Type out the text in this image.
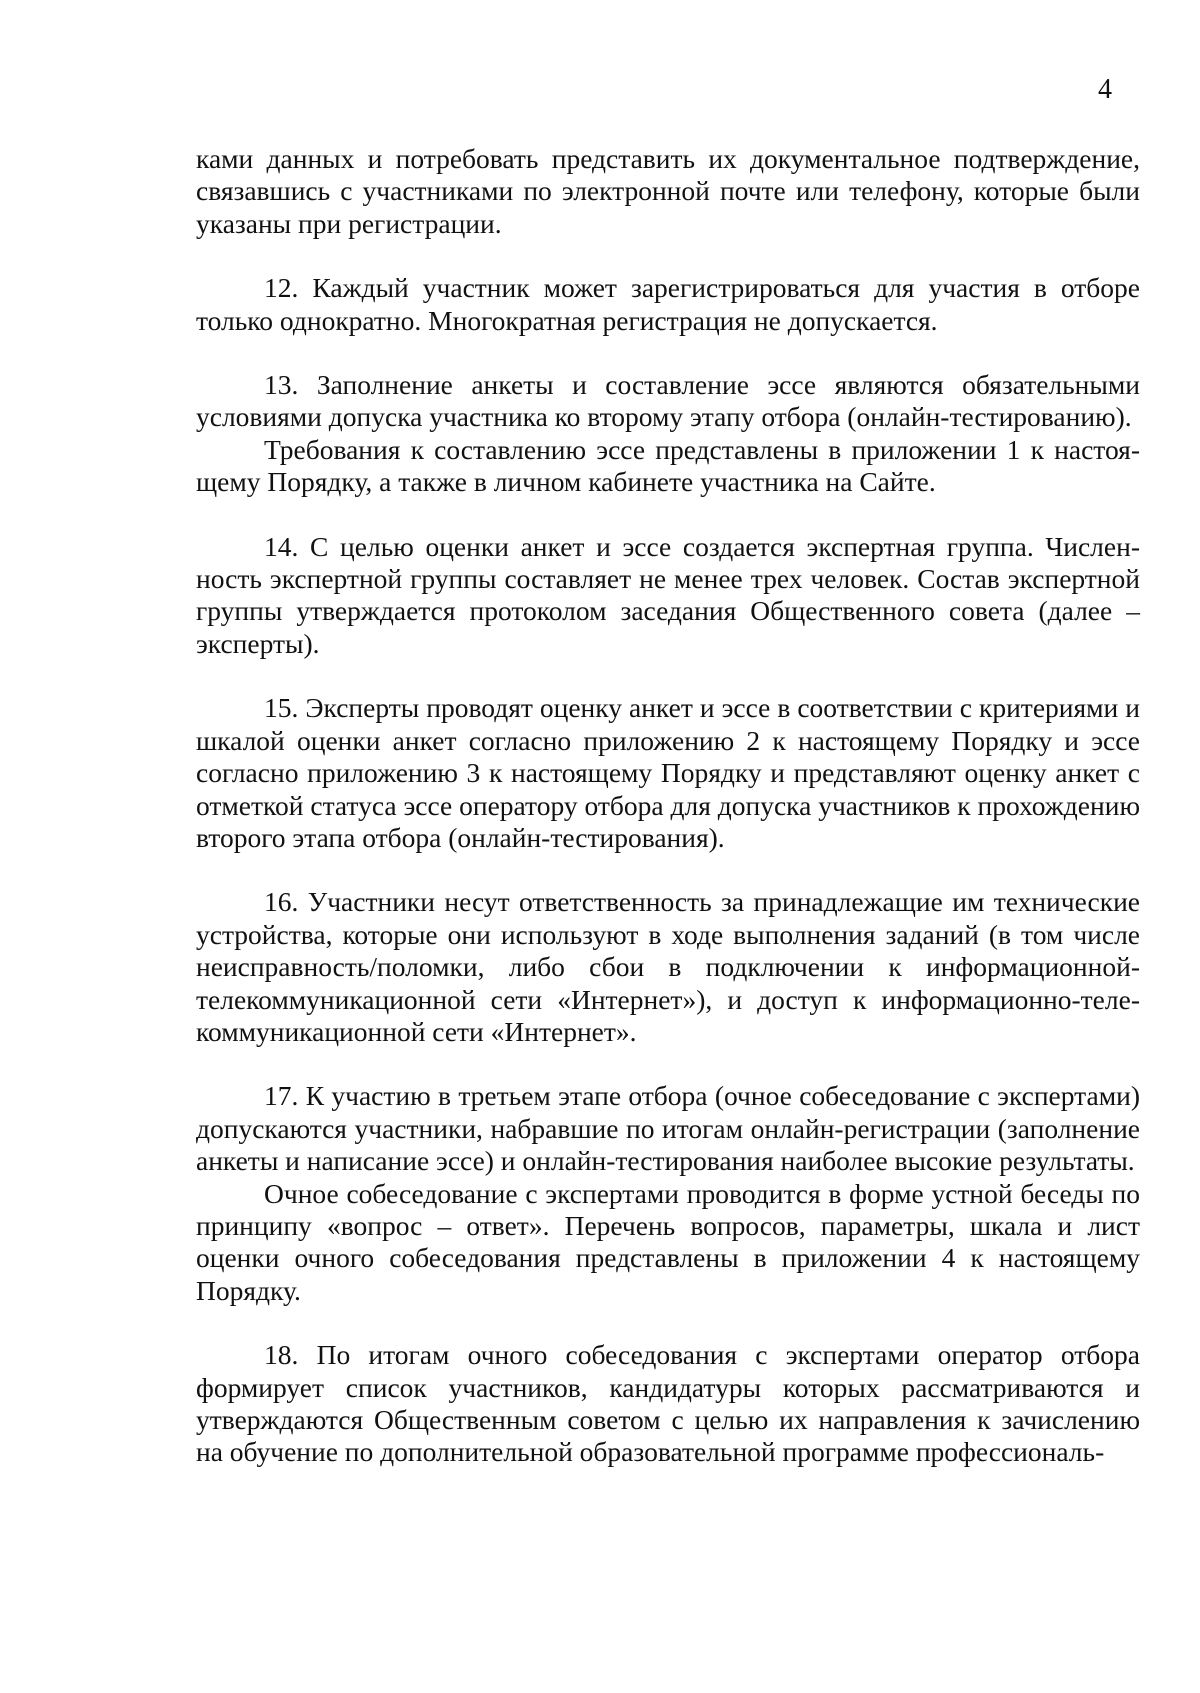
4

ками данных и потребовать представить их документальное подтверждение, связавшись с участниками по электронной почте или телефону, которые были указаны при регистрации.

12. Каждый участник может зарегистрироваться для участия в отборе только однократно. Многократная регистрация не допускается.

13. Заполнение анкеты и составление эссе являются обязательными условиями допуска участника ко второму этапу отбора (онлайн-тестированию).

Требования к составлению эссе представлены в приложении 1 к настоящему Порядку, а также в личном кабинете участника на Сайте.

14. С целью оценки анкет и эссе создается экспертная группа. Численность экспертной группы составляет не менее трех человек. Состав экспертной группы утверждается протоколом заседания Общественного совета (далее – эксперты).

15. Эксперты проводят оценку анкет и эссе в соответствии с критериями и шкалой оценки анкет согласно приложению 2 к настоящему Порядку и эссе согласно приложению 3 к настоящему Порядку и представляют оценку анкет с отметкой статуса эссе оператору отбора для допуска участников к прохождению второго этапа отбора (онлайн-тестирования).

16. Участники несут ответственность за принадлежащие им технические устройства, которые они используют в ходе выполнения заданий (в том числе неисправность/поломки, либо сбои в подключении к информационной-телекоммуникационной сети «Интернет»), и доступ к информационно-телекоммуникационной сети «Интернет».

17. К участию в третьем этапе отбора (очное собеседование с экспертами) допускаются участники, набравшие по итогам онлайн-регистрации (заполнение анкеты и написание эссе) и онлайн-тестирования наиболее высокие результаты.

Очное собеседование с экспертами проводится в форме устной беседы по принципу «вопрос – ответ». Перечень вопросов, параметры, шкала и лист оценки очного собеседования представлены в приложении 4 к настоящему Порядку.

18. По итогам очного собеседования с экспертами оператор отбора формирует список участников, кандидатуры которых рассматриваются и утверждаются Общественным советом с целью их направления к зачислению на обучение по дополнительной образовательной программе профессиональ-
